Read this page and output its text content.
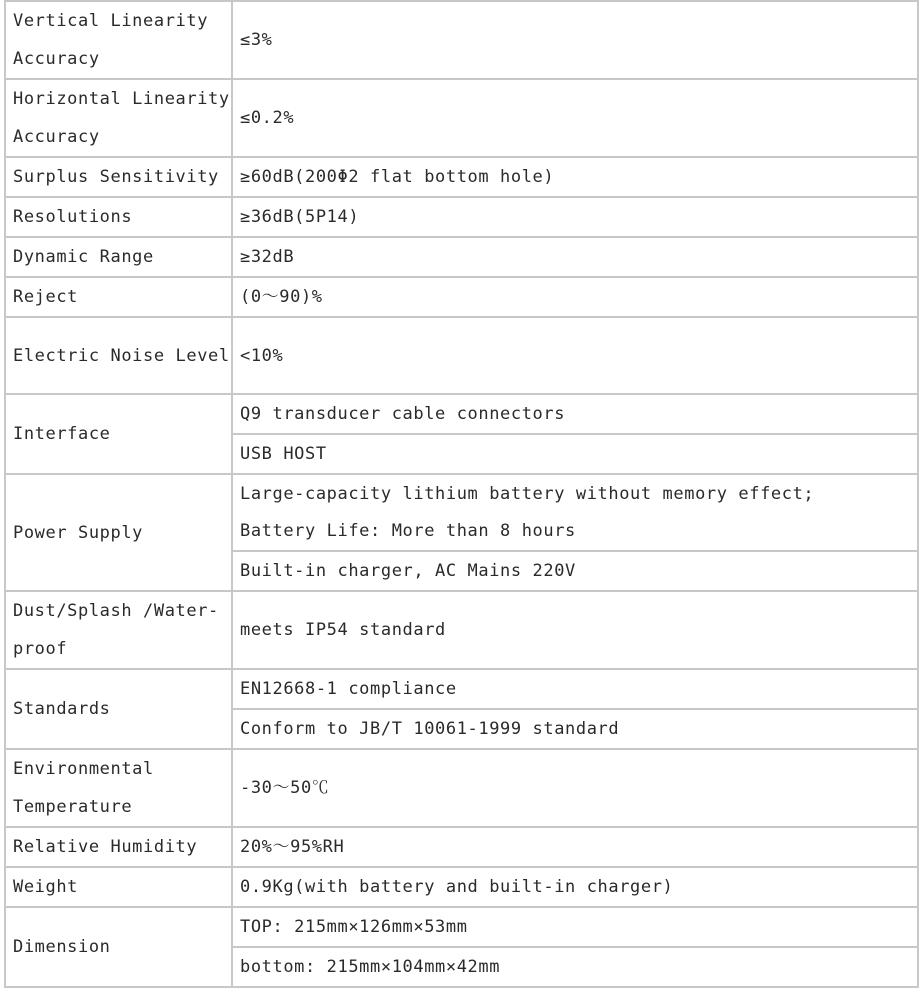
Vertical Linearity Accuracy	≤3%
Horizontal Linearity Accuracy	≤0.2%
Surplus Sensitivity	≥60dB(200Φ2 flat bottom hole)
Resolutions	≥36dB(5P14)
Dynamic Range	≥32dB
Reject	(0～90)%
Electric Noise Level	<10%
Interface	Q9 transducer cable connectors
	USB HOST
Power Supply	Large-capacity lithium battery without memory effect;
Battery Life: More than 8 hours

	Built-in charger, AC Mains 220V
Dust/Splash /Water-proof	meets IP54 standard
Standards	EN12668-1 compliance
	Conform to JB/T 10061-1999 standard
Environmental Temperature	-30～50℃
Relative Humidity	20%～95%RH
Weight	0.9Kg(with battery and built-in charger)
Dimension	TOP: 215mm×126mm×53mm
	bottom: 215mm×104mm×42mm
